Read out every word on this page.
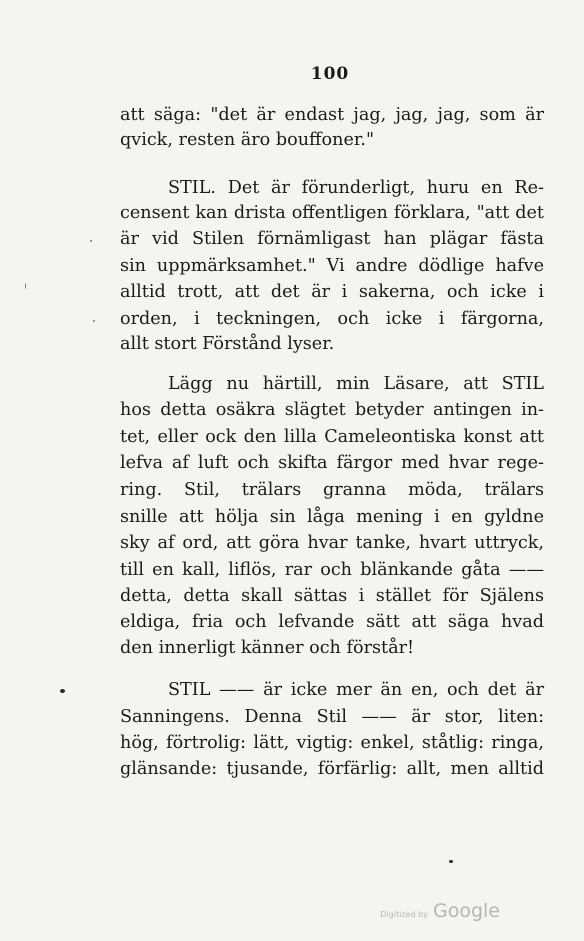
100
att säga: "det är endast jag, jag, jag, som är
qvick, resten äro bouffoner."
STIL. Det är förunderligt, huru en Re-
censent kan drista offentligen förklara, "att det
är vid Stilen förnämligast han plägar fästa
sin uppmärksamhet." Vi andre dödlige hafve
alltid trott, att det är i sakerna, och icke i
orden, i teckningen, och icke i färgorna,
allt stort Förstånd lyser.
Lägg nu härtill, min Läsare, att STIL
hos detta osäkra slägtet betyder antingen in-
tet, eller ock den lilla Cameleontiska konst att
lefva af luft och skifta färgor med hvar rege-
ring. Stil, trälars granna möda, trälars
snille att hölja sin låga mening i en gyldne
sky af ord, att göra hvar tanke, hvart uttryck,
till en kall, liflös, rar och blänkande gåta ——
detta, detta skall sättas i stället för Själens
eldiga, fria och lefvande sätt att säga hvad
den innerligt känner och förstår!
STIL —— är icke mer än en, och det är
Sanningens. Denna Stil —— är stor, liten:
hög, förtrolig: lätt, vigtig: enkel, ståtlig: ringa,
glänsande: tjusande, förfärlig: allt, men alltid
Digitized by Google
